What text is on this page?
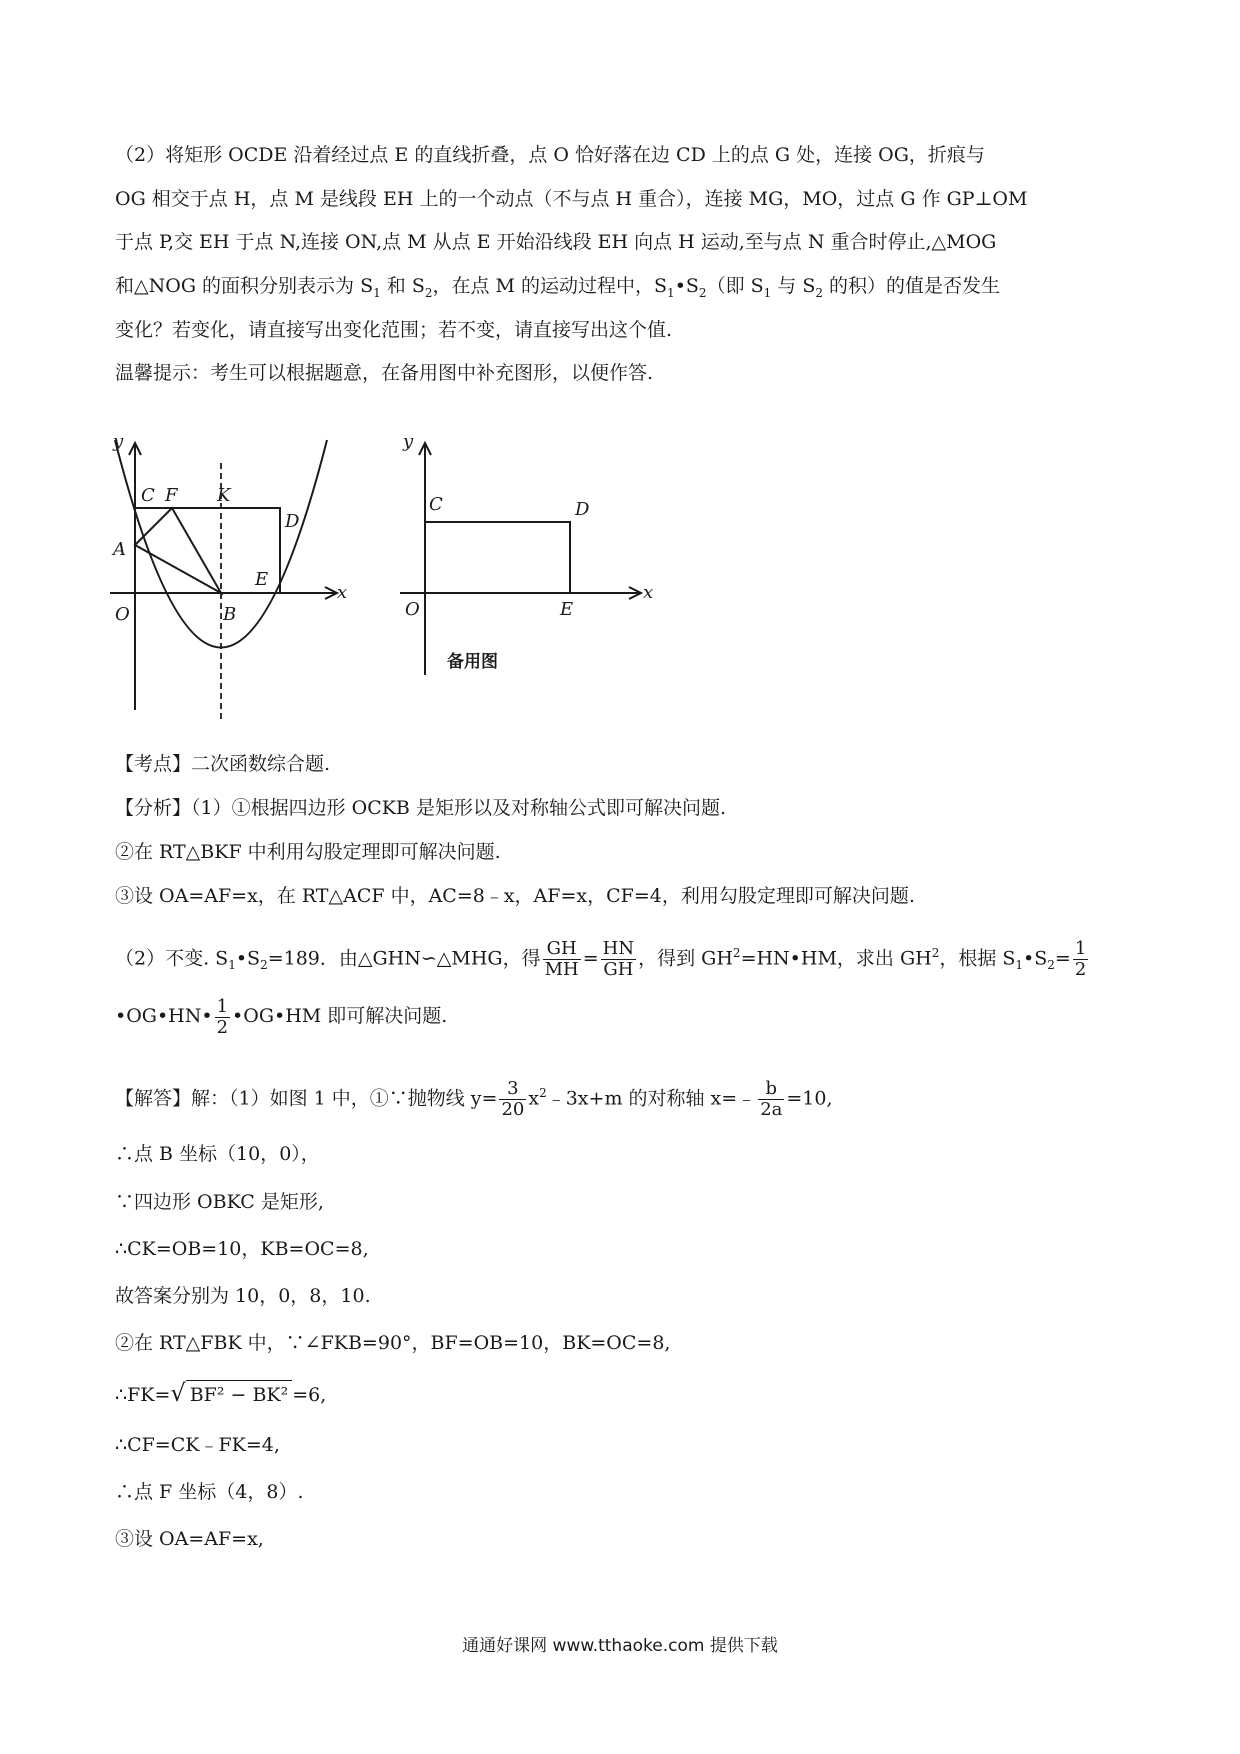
（2）将矩形 OCDE 沿着经过点 E 的直线折叠，点 O 恰好落在边 CD 上的点 G 处，连接 OG，折痕与
OG 相交于点 H，点 M 是线段 EH 上的一个动点（不与点 H 重合），连接 MG，MO，过点 G 作 GP⊥OM
于点 P,交 EH 于点 N,连接 ON,点 M 从点 E 开始沿线段 EH 向点 H 运动,至与点 N 重合时停止,△MOG
和△NOG 的面积分别表示为 $S_1$ 和 $S_2$，在点 M 的运动过程中，$S_1•S_2$（即 $S_1$ 与 $S_2$ 的积）的值是否发生
变化？若变化，请直接写出变化范围；若不变，请直接写出这个值.
温馨提示：考生可以根据题意，在备用图中补充图形，以便作答.
y
x
C F K
D
A
E
O	B
y
x
C	D
O	E
备用图
【考点】二次函数综合题.
【分析】（1）①根据四边形 OCKB 是矩形以及对称轴公式即可解决问题.
②在 RT△BKF 中利用勾股定理即可解决问题.
③设 OA=AF=x，在 RT△ACF 中，AC=8﹣x，AF=x，CF=4，利用勾股定理即可解决问题.
（2）不变. $S_1•S_2=189$．由△GHN∽△MHG，得 $\frac{GH}{MH} = \frac{HN}{GH}$ ，得到 $GH^2=HN•HM$，求出 $GH^2$，根据 $S_1•S_2= \frac{1}{2}$
•OG•HN• $\frac{1}{2}$ •OG•HM 即可解决问题.
【解答】解：（1）如图 1 中，①∵抛物线 $y= \frac{3}{20}$ $x^2﹣3x+m$ 的对称轴 x=﹣ $\frac{b}{2a} =10$,
∴点 B 坐标（10，0），
∵四边形 OBKC 是矩形,
∴CK=OB=10，KB=OC=8,
故答案分别为 10，0，8，10.
②在 RT△FBK 中，∵∠FKB=90°，BF=OB=10，BK=OC=8,
∴FK=√ BF² − BK² =6,
∴CF=CK﹣FK=4,
∴点 F 坐标（4，8）.
③设 OA=AF=x,
通通好课网 www.tthaoke.com 提供下载
